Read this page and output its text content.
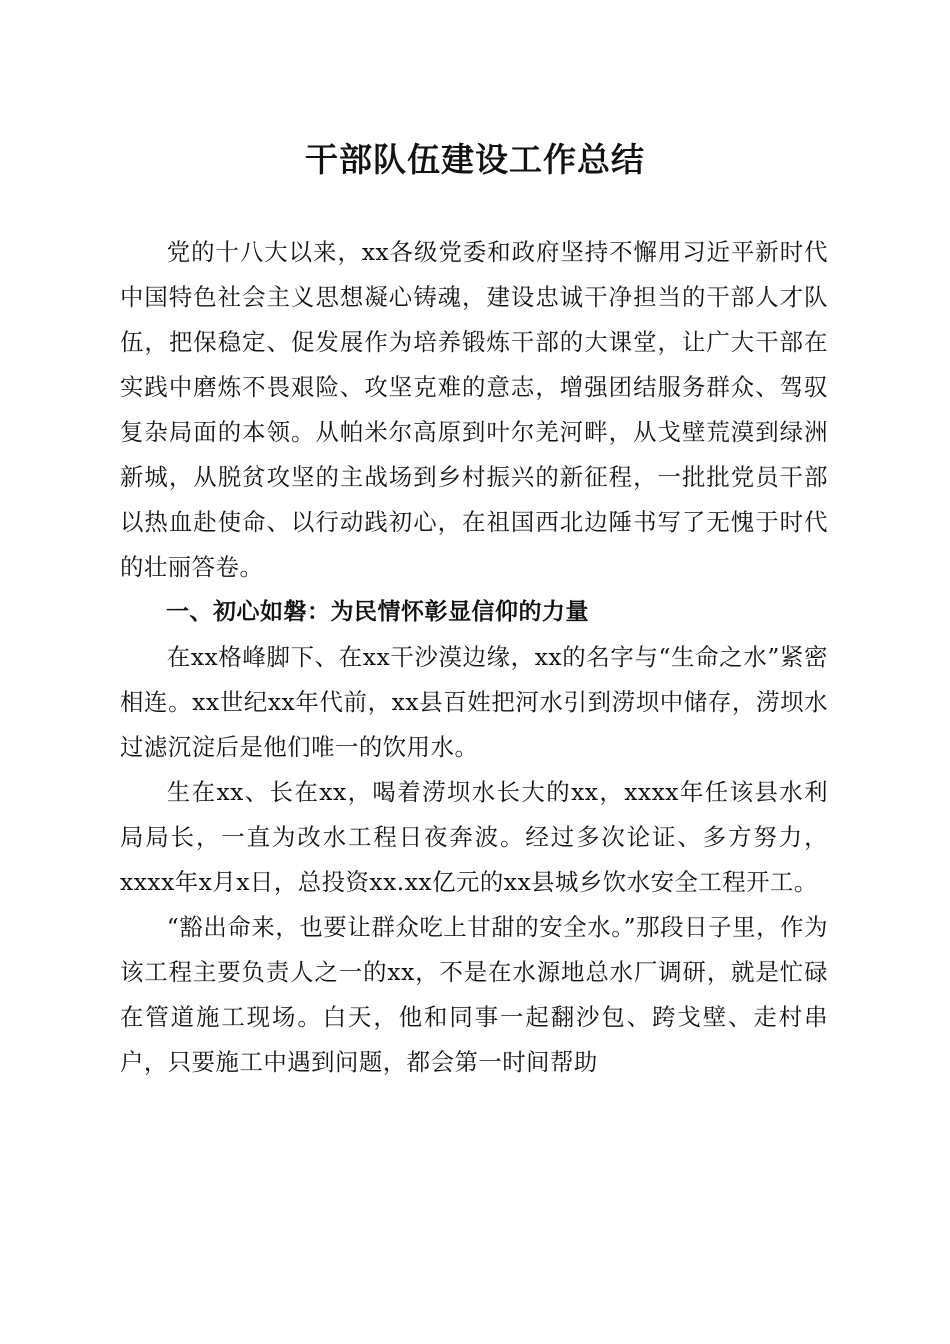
干部队伍建设工作总结

党的十八大以来，xx各级党委和政府坚持不懈用习近平新时代中国特色社会主义思想凝心铸魂，建设忠诚干净担当的干部人才队伍，把保稳定、促发展作为培养锻炼干部的大课堂，让广大干部在实践中磨炼不畏艰险、攻坚克难的意志，增强团结服务群众、驾驭复杂局面的本领。从帕米尔高原到叶尔羌河畔，从戈壁荒漠到绿洲新城，从脱贫攻坚的主战场到乡村振兴的新征程，一批批党员干部以热血赴使命、以行动践初心，在祖国西北边陲书写了无愧于时代的壮丽答卷。

一、初心如磐：为民情怀彰显信仰的力量

在xx格峰脚下、在xx干沙漠边缘，xx的名字与“生命之水”紧密相连。xx世纪xx年代前，xx县百姓把河水引到涝坝中储存，涝坝水过滤沉淀后是他们唯一的饮用水。

生在xx、长在xx，喝着涝坝水长大的xx，xxxx年任该县水利局局长，一直为改水工程日夜奔波。经过多次论证、多方努力，xxxx年x月x日，总投资xx.xx亿元的xx县城乡饮水安全工程开工。

“豁出命来，也要让群众吃上甘甜的安全水。”那段日子里，作为该工程主要负责人之一的xx，不是在水源地总水厂调研，就是忙碌在管道施工现场。白天，他和同事一起翻沙包、跨戈壁、走村串户，只要施工中遇到问题，都会第一时间帮助
